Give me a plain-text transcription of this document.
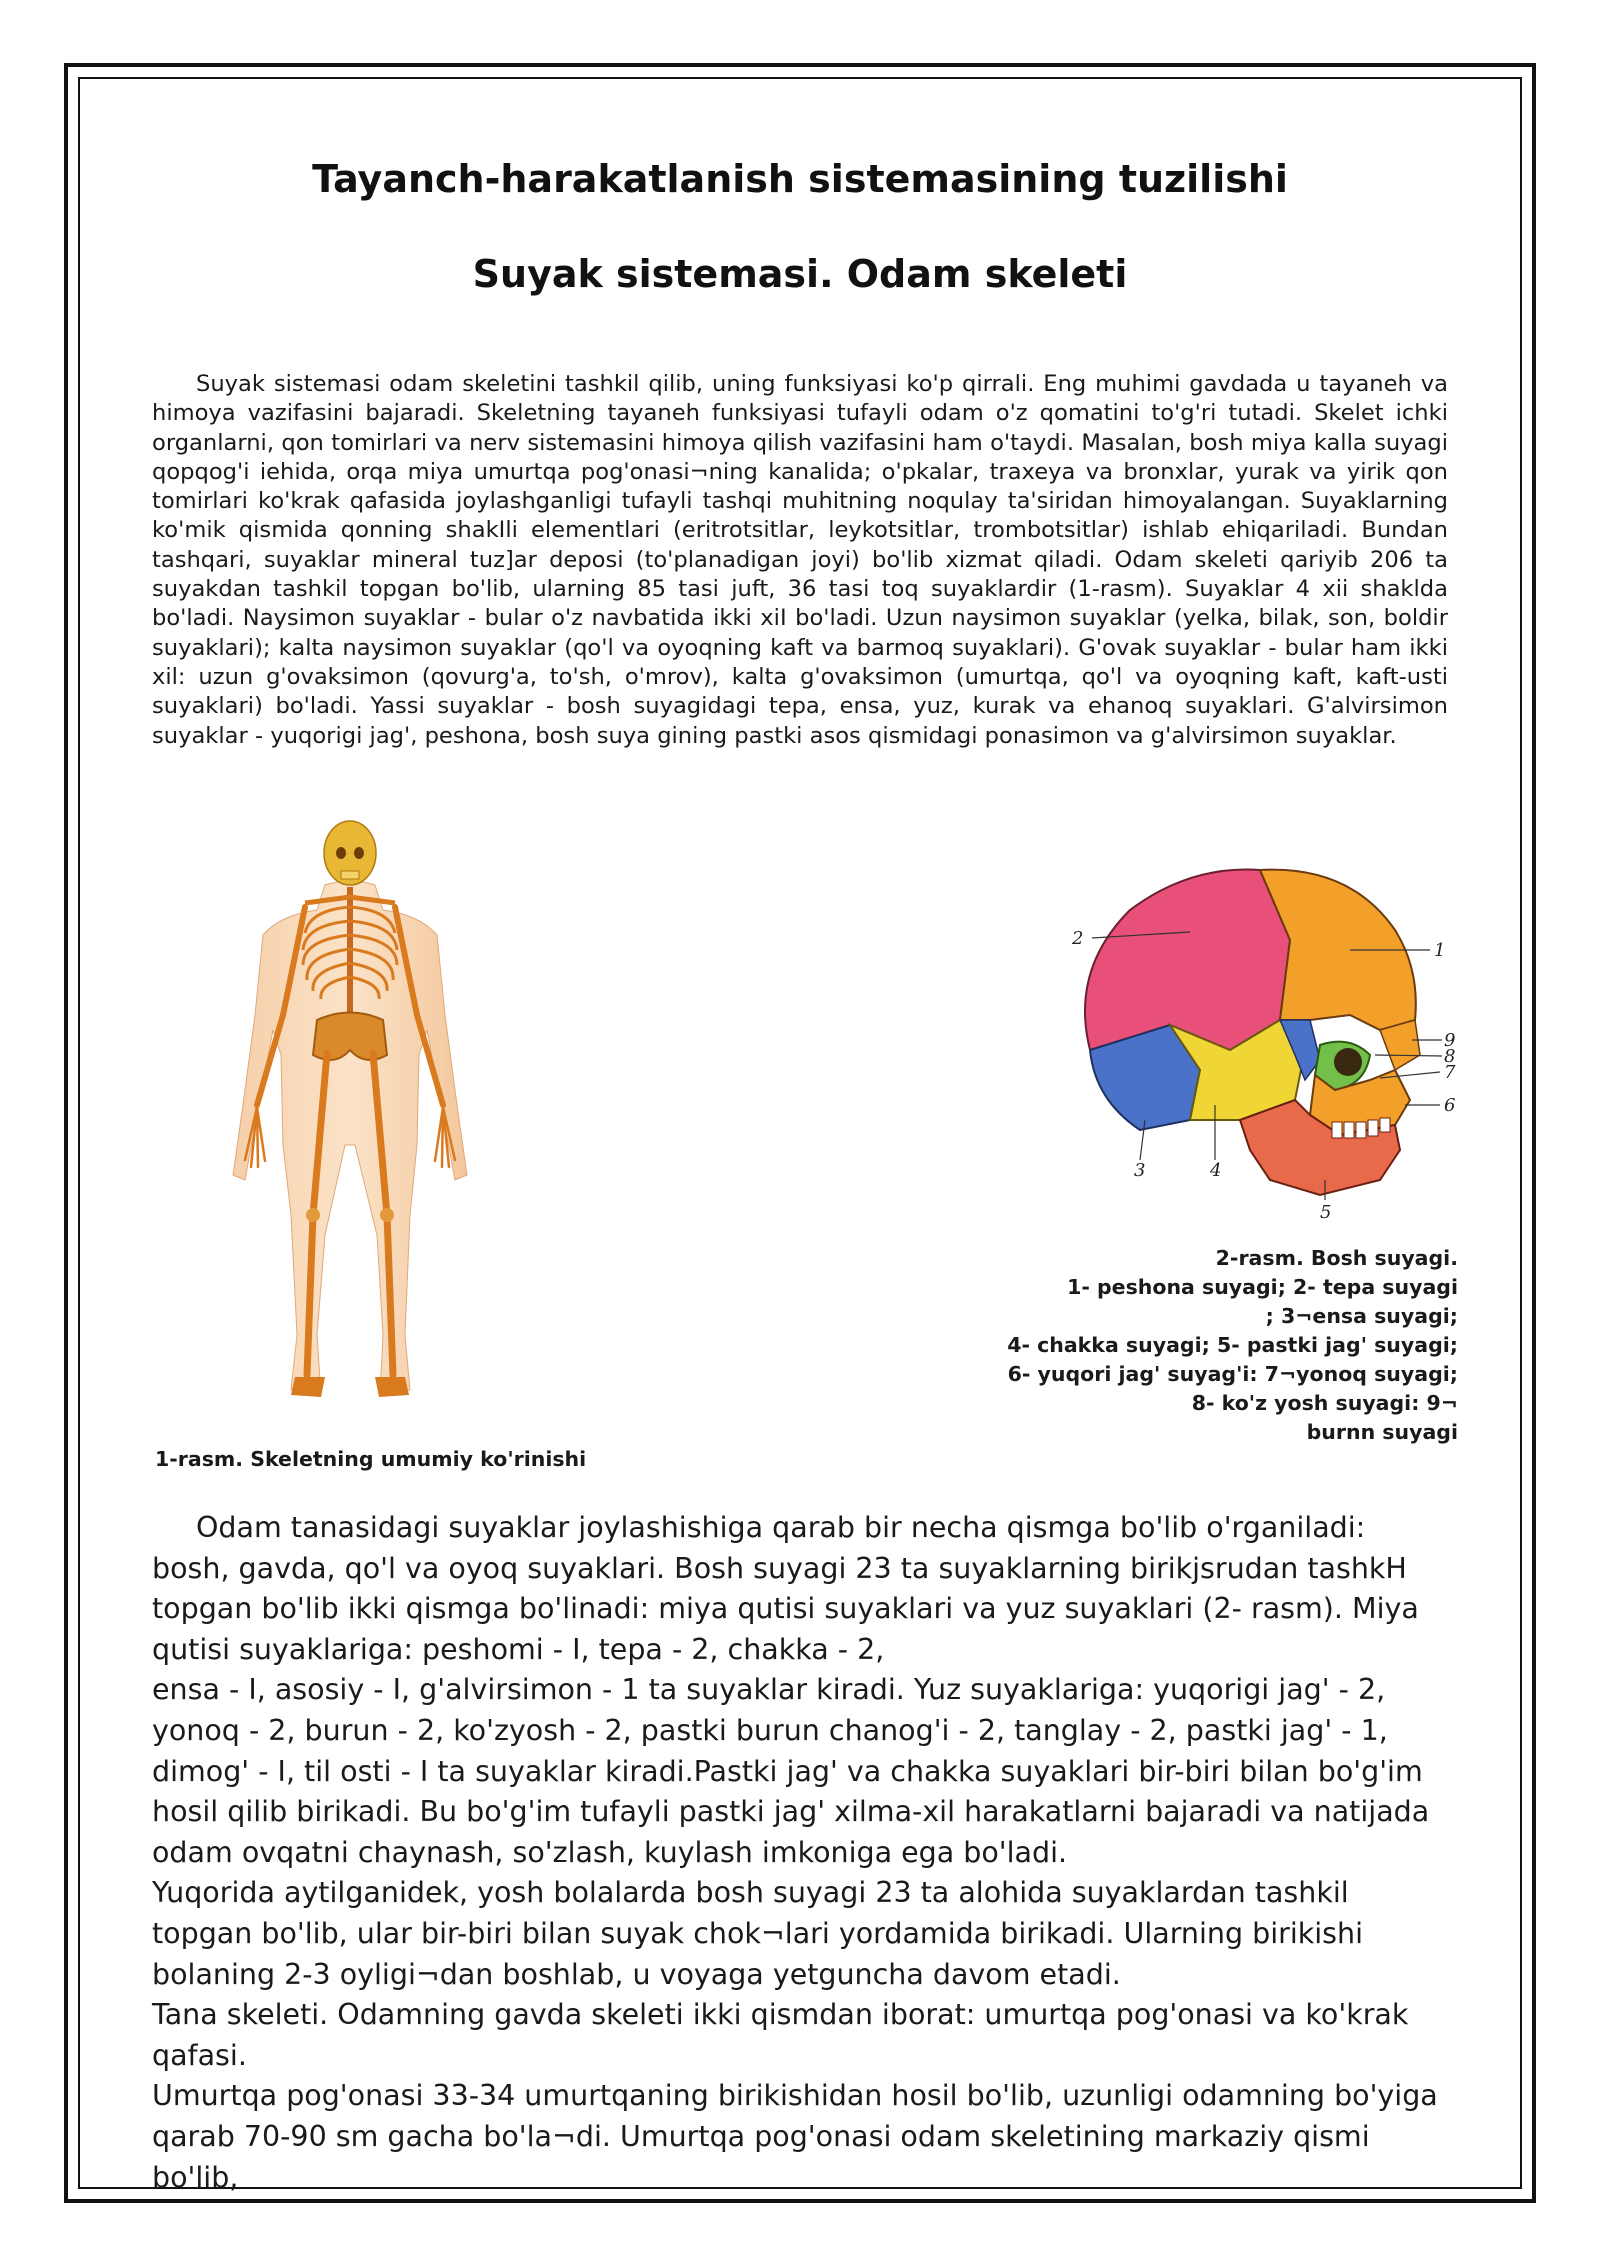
Tayanch-harakatlanish sistemasining tuzilishi
Suyak sistemasi. Odam skeleti

Suyak sistemasi odam skeletini tashkil qilib, uning funksiyasi ko'p qirrali. Eng muhimi gavdada u tayaneh va himoya vazifasini bajaradi. Skeletning tayaneh funksiyasi tufayli odam o'z qomatini to'g'ri tutadi. Skelet ichki organlarni, qon tomirlari va nerv sistemasini himoya qilish vazifasini ham o'taydi. Masalan, bosh miya kalla suyagi qopqog'i iehida, orqa miya umurtqa pog'onasi¬ning kanalida; o'pkalar, traxeya va bronxlar, yurak va yirik qon tomirlari ko'krak qafasida joylashganligi tufayli tashqi muhitning noqulay ta'siridan himoyalangan. Suyaklarning ko'mik qismida qonning shakIli elementlari (eritrotsitlar, leykotsitlar, trombotsitlar) ishlab ehiqariladi. Bundan tashqari, suyaklar mineral tuz]ar deposi (to'planadigan joyi) bo'lib xizmat qiladi. Odam skeleti qariyib 206 ta suyakdan tashkil topgan bo'lib, ularning 85 tasi juft, 36 tasi toq suyaklardir (1-rasm). Suyaklar 4 xii shaklda bo'ladi. Naysimon suyaklar - bular o'z navbatida ikki xiI bo'ladi. Uzun naysimon suyaklar (yelka, bilak, son, boldir suyaklari); kalta naysimon suyaklar (qo'l va oyoqning kaft va barmoq suyaklari). G'ovak suyaklar - bular ham ikki xil: uzun g'ovaksimon (qovurg'a, to'sh, o'mrov), kalta g'ovaksimon (umurtqa, qo'l va oyoqning kaft, kaft-usti suyaklari) bo'ladi. Yassi suyaklar - bosh suyagidagi tepa, ensa, yuz, kurak va ehanoq suyaklari. G'alvirsimon suyaklar - yuqorigi jag', peshona, bosh suya gining pastki asos qismidagi ponasimon va g'alvirsimon suyaklar.

1
2
3	4
5
6
7
8
9
2-rasm. Bosh suyagi.
1- peshona suyagi; 2- tepa suyagi
; 3¬ensa suyagi;
4- chakka suyagi; 5- pastki jag' suyagi;
6- yuqori jag' suyag'i: 7¬yonoq suyagi;
8- ko'z yosh suyagi: 9¬
burnn suyagi

1-rasm. Skeletning umumiy ko'rinishi

Odam tanasidagi suyaklar joylashishiga qarab bir necha qismga bo'lib o'rganiladi: bosh, gavda, qo'l va oyoq suyaklari. Bosh suyagi 23 ta suyaklarning birikjsrudan tashkH topgan bo'lib ikki qismga bo'linadi: miya qutisi suyaklari va yuz suyaklari (2- rasm). Miya qutisi suyaklariga: peshomi - I, tepa - 2, chakka - 2,

ensa - I, asosiy - I, g'alvirsimon - 1 ta suyaklar kiradi. Yuz suyaklariga: yuqorigi jag' - 2, yonoq - 2, burun - 2, ko'zyosh - 2, pastki burun chanog'i - 2, tanglay - 2, pastki jag' - 1, dimog' - I, til osti - I ta suyaklar kiradi.Pastki jag' va chakka suyaklari bir-biri bilan bo'g'im hosil qilib birikadi. Bu bo'g'im tufayli pastki jag' xilma-xil harakatlarni bajaradi va natijada odam ovqatni chaynash, so'zlash, kuylash imkoniga ega bo'ladi.

Yuqorida aytilganidek, yosh bolalarda bosh suyagi 23 ta alohida suyaklardan tashkil topgan bo'lib, ular bir-biri bilan suyak chok¬lari yordamida birikadi. Ularning birikishi bolaning 2-3 oyligi¬dan boshlab, u voyaga yetguncha davom etadi.

Tana skeleti. Odamning gavda skeleti ikki qismdan iborat: umurtqa pog'onasi va ko'krak qafasi.

Umurtqa pog'onasi 33-34 umurtqaning birikishidan hosil bo'lib, uzunligi odamning bo'yiga qarab 70-90 sm gacha bo'la¬di. Umurtqa pog'onasi odam skeletining markaziy qismi bo'lib,
